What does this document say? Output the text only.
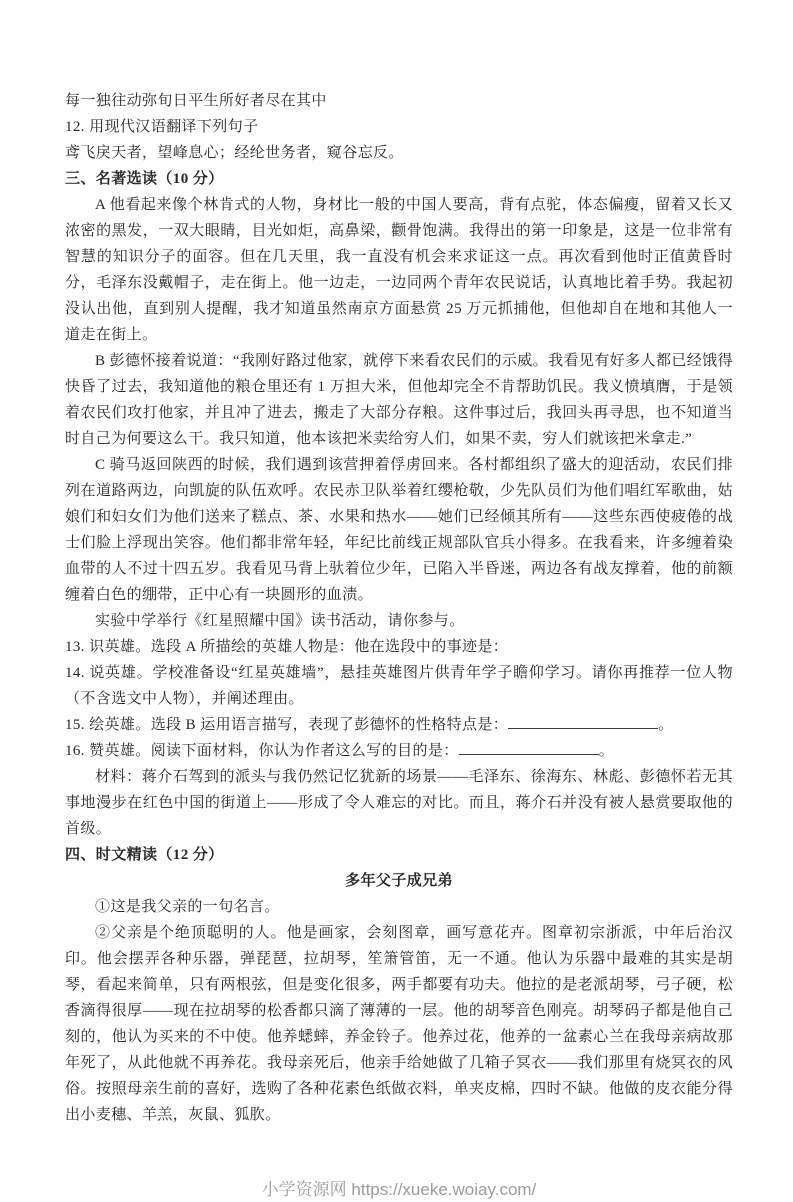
每一独往动弥旬日平生所好者尽在其中
12. 用现代汉语翻译下列句子
鸢飞戾天者，望峰息心；经纶世务者，窥谷忘反。
三、名著选读（10 分）

A 他看起来像个林肯式的人物，身材比一般的中国人要高，背有点驼，体态偏瘦，留着又长又浓密的黑发，一双大眼睛，目光如炬，高鼻梁，颧骨饱满。我得出的第一印象是，这是一位非常有智慧的知识分子的面容。但在几天里，我一直没有机会来求证这一点。再次看到他时正值黄昏时分，毛泽东没戴帽子，走在街上。他一边走，一边同两个青年农民说话，认真地比着手势。我起初没认出他，直到别人提醒，我才知道虽然南京方面悬赏 25 万元抓捕他，但他却自在地和其他人一道走在街上。

B 彭德怀接着说道：“我刚好路过他家，就停下来看农民们的示威。我看见有好多人都已经饿得快昏了过去，我知道他的粮仓里还有 1 万担大米，但他却完全不肯帮助饥民。我义愤填膺，于是领着农民们攻打他家，并且冲了进去，搬走了大部分存粮。这件事过后，我回头再寻思，也不知道当时自己为何要这么干。我只知道，他本该把米卖给穷人们，如果不卖，穷人们就该把米拿走.”

C 骑马返回陕西的时候，我们遇到该营押着俘虏回来。各村都组织了盛大的迎活动，农民们排列在道路两边，向凯旋的队伍欢呼。农民赤卫队举着红缨枪敬，少先队员们为他们唱红军歌曲，姑娘们和妇女们为他们送来了糕点、茶、水果和热水——她们已经倾其所有——这些东西使疲倦的战士们脸上浮现出笑容。他们都非常年轻，年纪比前线正规部队官兵小得多。在我看来，许多缠着染血带的人不过十四五岁。我看见马背上驮着位少年，已陷入半昏迷，两边各有战友撑着，他的前额缠着白色的绷带，正中心有一块圆形的血渍。

实验中学举行《红星照耀中国》读书活动，请你参与。

13. 识英雄。选段 A 所描绘的英雄人物是：他在选段中的事迹是：

14. 说英雄。学校准备设“红星英雄墙”，悬挂英雄图片供青年学子瞻仰学习。请你再推荐一位人物（不含选文中人物），并阐述理由。

15. 绘英雄。选段 B 运用语言描写，表现了彭德怀的性格特点是：	。
16. 赞英雄。阅读下面材料，你认为作者这么写的目的是：	。

材料：蒋介石驾到的派头与我仍然记忆犹新的场景——毛泽东、徐海东、林彪、彭德怀若无其事地漫步在红色中国的街道上——形成了令人难忘的对比。而且，蒋介石并没有被人悬赏要取他的首级。

四、时文精读（12 分）
多年父子成兄弟

①这是我父亲的一句名言。

②父亲是个绝顶聪明的人。他是画家，会刻图章，画写意花卉。图章初宗浙派，中年后治汉印。他会摆弄各种乐器，弹琵琶，拉胡琴，笙箫管笛，无一不通。他认为乐器中最难的其实是胡琴，看起来简单，只有两根弦，但是变化很多，两手都要有功夫。他拉的是老派胡琴，弓子硬，松香滴得很厚——现在拉胡琴的松香都只滴了薄薄的一层。他的胡琴音色刚亮。胡琴码子都是他自己刻的，他认为买来的不中使。他养蟋蟀，养金铃子。他养过花，他养的一盆素心兰在我母亲病故那年死了，从此他就不再养花。我母亲死后，他亲手给她做了几箱子冥衣——我们那里有烧冥衣的风俗。按照母亲生前的喜好，选购了各种花素色纸做衣料，单夹皮棉，四时不缺。他做的皮衣能分得出小麦穗、羊羔，灰鼠、狐肷。

小学资源网 https://xueke.woiay.com/
